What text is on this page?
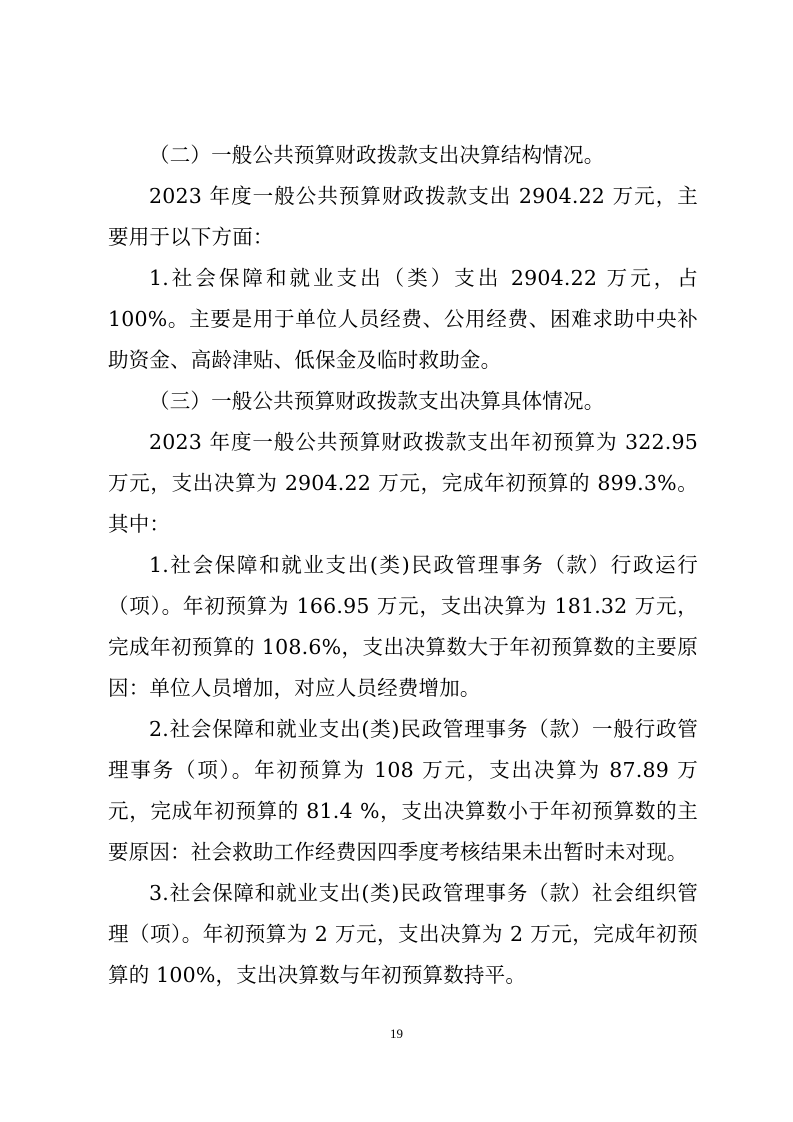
（二）一般公共预算财政拨款支出决算结构情况。

2023 年度一般公共预算财政拨款支出 2904.22 万元，主要用于以下方面：

1.社会保障和就业支出（类）支出 2904.22 万元，占 100%。主要是用于单位人员经费、公用经费、困难求助中央补助资金、高龄津贴、低保金及临时救助金。

（三）一般公共预算财政拨款支出决算具体情况。

2023 年度一般公共预算财政拨款支出年初预算为 322.95 万元，支出决算为 2904.22 万元，完成年初预算的 899.3%。其中：

1.社会保障和就业支出(类)民政管理事务（款）行政运行（项）。年初预算为 166.95 万元，支出决算为 181.32 万元，完成年初预算的 108.6%，支出决算数大于年初预算数的主要原因：单位人员增加，对应人员经费增加。

2.社会保障和就业支出(类)民政管理事务（款）一般行政管理事务（项）。年初预算为 108 万元，支出决算为 87.89 万元，完成年初预算的 81.4 %，支出决算数小于年初预算数的主要原因：社会救助工作经费因四季度考核结果未出暂时未对现。

3.社会保障和就业支出(类)民政管理事务（款）社会组织管理（项）。年初预算为 2 万元，支出决算为 2 万元，完成年初预算的 100%，支出决算数与年初预算数持平。

19
